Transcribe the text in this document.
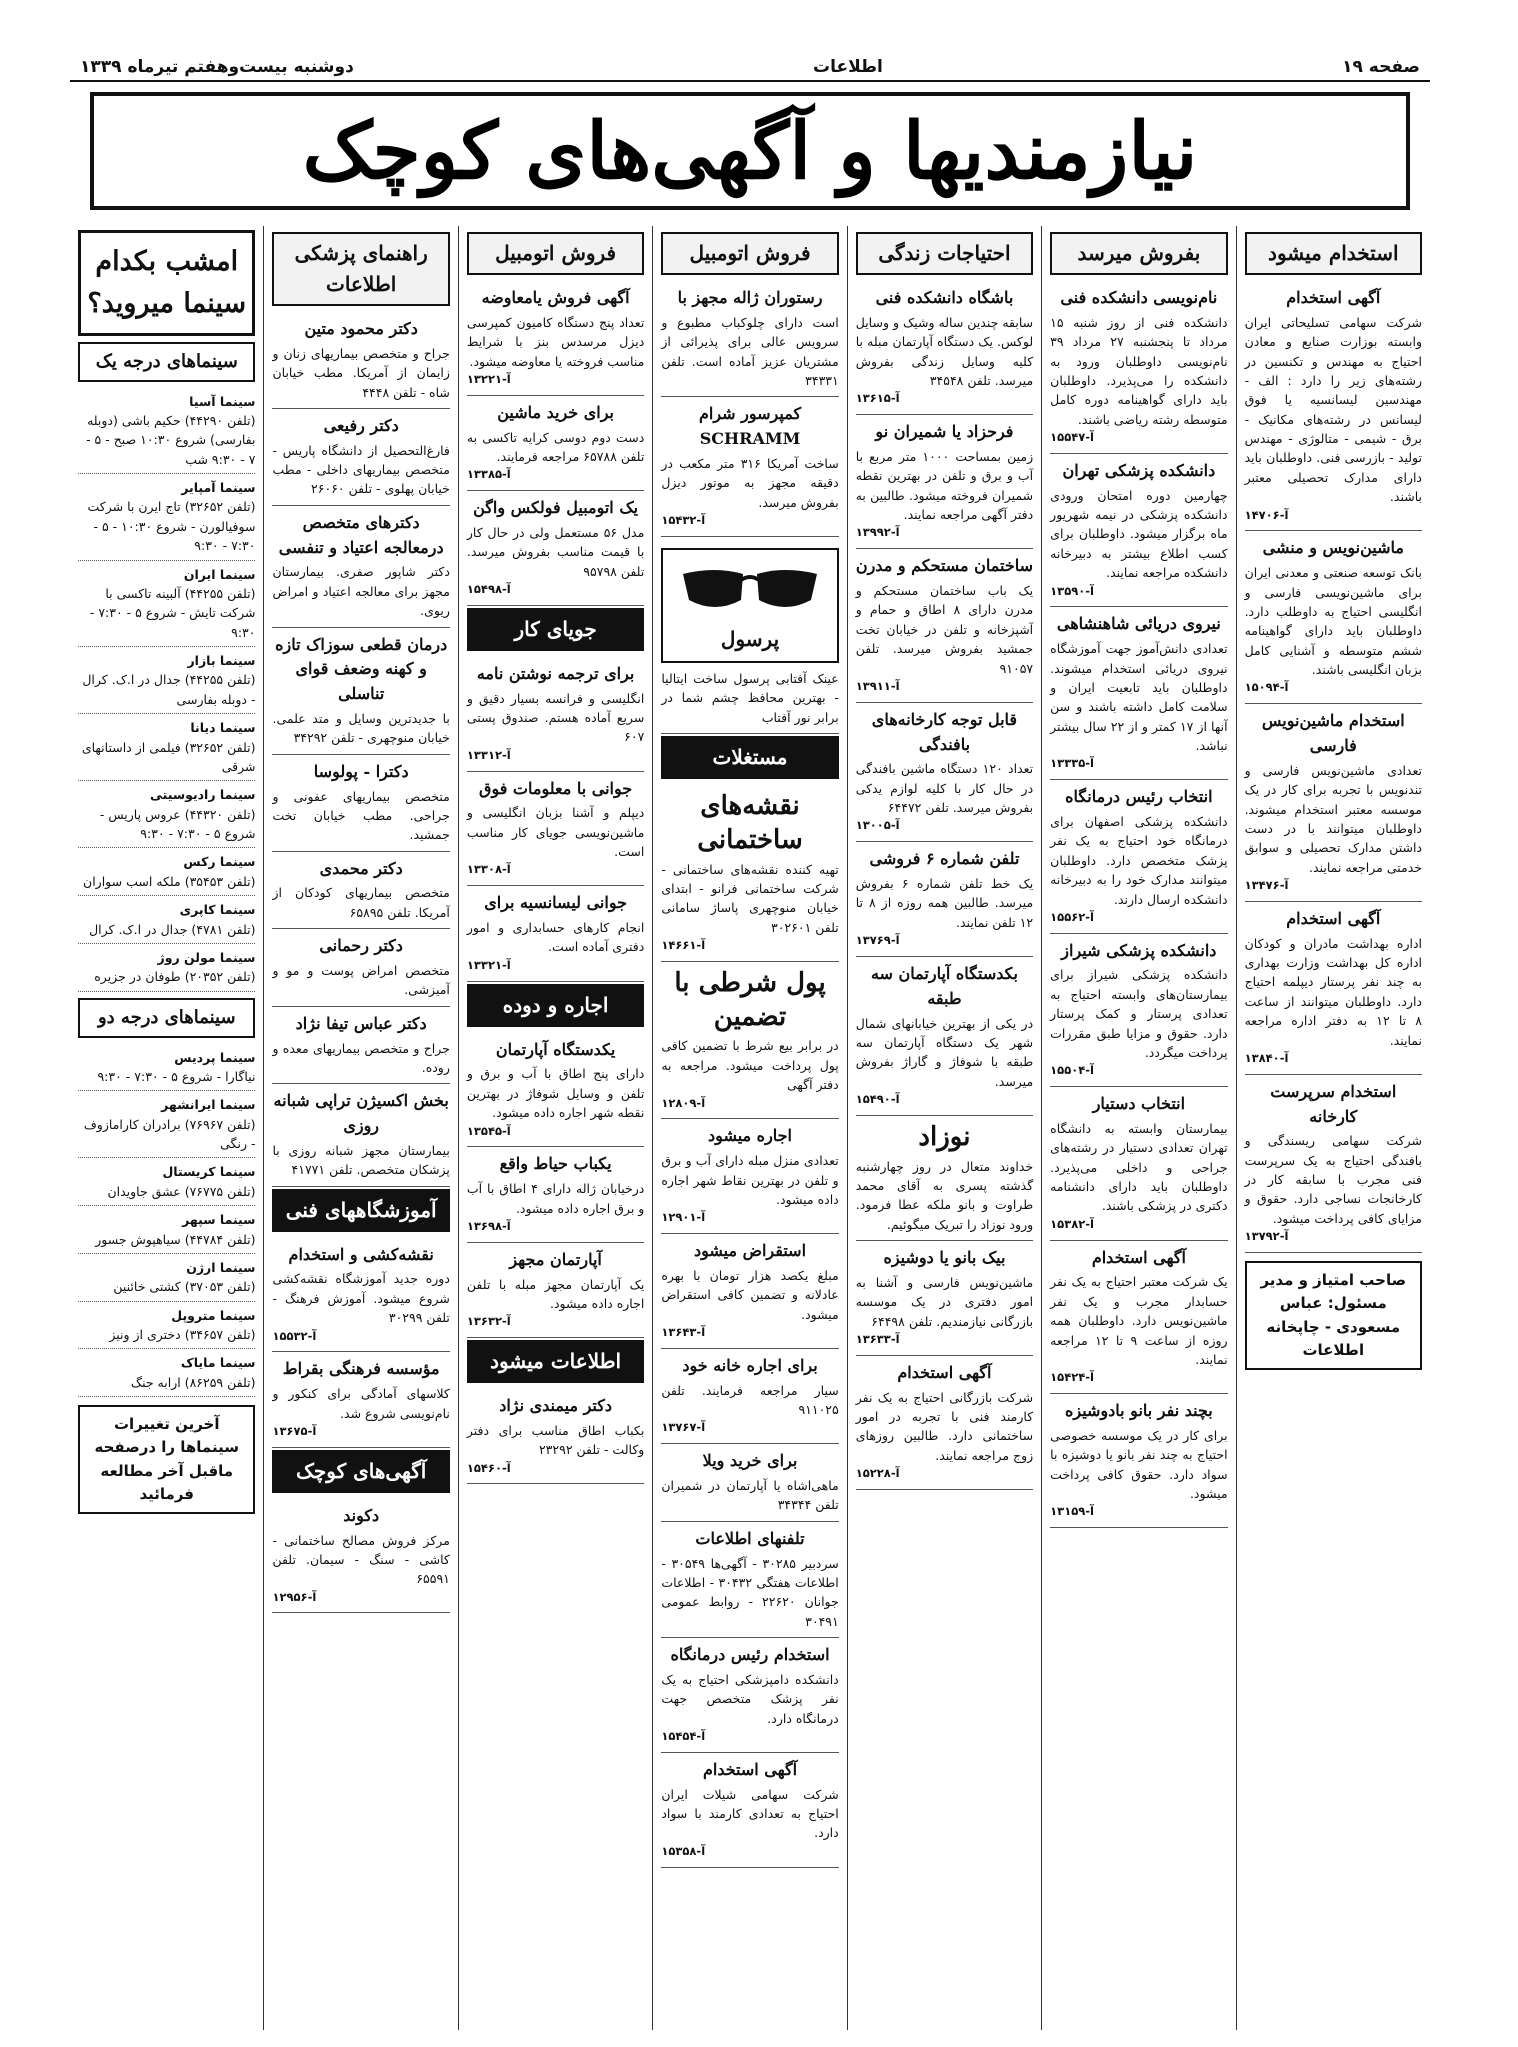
صفحه ۱۹
اطلاعات
دوشنبه بیست‌وهفتم تیرماه ۱۳۳۹
نیازمندیها و آگهی‌های کوچک
استخدام میشود
آگهی استخدام
شرکت سهامی تسلیحاتی ایران وابسته بوزارت صنایع و معادن احتیاج به مهندس و تکنسین در رشته‌های زیر را دارد : الف - مهندسین لیسانسیه یا فوق لیسانس در رشته‌های مکانیک - برق - شیمی - متالوژی - مهندس تولید - بازرسی فنی. داوطلبان باید دارای مدارک تحصیلی معتبر باشند.
آ-۱۴۷۰۶
ماشین‌نویس و منشی
بانک توسعه صنعتی و معدنی ایران برای ماشین‌نویسی فارسی و انگلیسی احتیاج به داوطلب دارد. داوطلبان باید دارای گواهینامه ششم متوسطه و آشنایی کامل بزبان انگلیسی باشند.
آ-۱۵۰۹۴
استخدام ماشین‌نویس فارسی
تعدادی ماشین‌نویس فارسی و تندنویس با تجربه برای کار در یک موسسه معتبر استخدام میشوند. داوطلبان میتوانند با در دست داشتن مدارک تحصیلی و سوابق خدمتی مراجعه نمایند.
آ-۱۳۴۷۶
آگهی استخدام
اداره بهداشت مادران و کودکان اداره کل بهداشت وزارت بهداری به چند نفر پرستار دیپلمه احتیاج دارد. داوطلبان میتوانند از ساعت ۸ تا ۱۲ به دفتر اداره مراجعه نمایند.
آ-۱۳۸۴۰
استخدام سرپرست کارخانه
شرکت سهامی ریسندگی و بافندگی احتیاج به یک سرپرست فنی مجرب با سابقه کار در کارخانجات نساجی دارد. حقوق و مزایای کافی پرداخت میشود.
آ-۱۳۷۹۲
صاحب امتیاز و مدیر مسئول: عباس مسعودی - چاپخانه اطلاعات
بفروش میرسد
نام‌نویسی دانشکده فنی
دانشکده فنی از روز شنبه ۱۵ مرداد تا پنجشنبه ۲۷ مرداد ۳۹ نام‌نویسی داوطلبان ورود به دانشکده را می‌پذیرد. داوطلبان باید دارای گواهینامه دوره کامل متوسطه رشته ریاضی باشند.
آ-۱۵۵۴۷
دانشکده پزشکی تهران
چهارمین دوره امتحان ورودی دانشکده پزشکی در نیمه شهریور ماه برگزار میشود. داوطلبان برای کسب اطلاع بیشتر به دبیرخانه دانشکده مراجعه نمایند.
آ-۱۳۵۹۰
نیروی دریائی شاهنشاهی
تعدادی دانش‌آموز جهت آموزشگاه نیروی دریائی استخدام میشوند. داوطلبان باید تابعیت ایران و سلامت کامل داشته باشند و سن آنها از ۱۷ کمتر و از ۲۲ سال بیشتر نباشد.
آ-۱۳۳۳۵
انتخاب رئیس درمانگاه
دانشکده پزشکی اصفهان برای درمانگاه خود احتیاج به یک نفر پزشک متخصص دارد. داوطلبان میتوانند مدارک خود را به دبیرخانه دانشکده ارسال دارند.
آ-۱۵۵۶۲
دانشکده پزشکی شیراز
دانشکده پزشکی شیراز برای بیمارستان‌های وابسته احتیاج به تعدادی پرستار و کمک پرستار دارد. حقوق و مزایا طبق مقررات پرداخت میگردد.
آ-۱۵۵۰۴
انتخاب دستیار
بیمارستان وابسته به دانشگاه تهران تعدادی دستیار در رشته‌های جراحی و داخلی می‌پذیرد. داوطلبان باید دارای دانشنامه دکتری در پزشکی باشند.
آ-۱۵۳۸۲
آگهی استخدام
یک شرکت معتبر احتیاج به یک نفر حسابدار مجرب و یک نفر ماشین‌نویس دارد. داوطلبان همه روزه از ساعت ۹ تا ۱۲ مراجعه نمایند.
آ-۱۵۴۲۴
بچند نفر بانو بادوشیزه
برای کار در یک موسسه خصوصی احتیاج به چند نفر بانو یا دوشیزه با سواد دارد. حقوق کافی پرداخت میشود.
آ-۱۳۱۵۹
احتیاجات زندگی
باشگاه دانشکده فنی
سابقه چندین ساله وشیک و وسایل لوکس. یک دستگاه آپارتمان مبله با کلیه وسایل زندگی بفروش میرسد. تلفن ۳۴۵۴۸
آ-۱۳۶۱۵
فرحزاد یا شمیران نو
زمین بمساحت ۱۰۰۰ متر مربع با آب و برق و تلفن در بهترین نقطه شمیران فروخته میشود. طالبین به دفتر آگهی مراجعه نمایند.
آ-۱۳۹۹۲
ساختمان مستحکم و مدرن
یک باب ساختمان مستحکم و مدرن دارای ۸ اطاق و حمام و آشپزخانه و تلفن در خیابان تخت جمشید بفروش میرسد. تلفن ۹۱۰۵۷
آ-۱۳۹۱۱
قابل توجه کارخانه‌های بافندگی
تعداد ۱۲۰ دستگاه ماشین بافندگی در حال کار با کلیه لوازم یدکی بفروش میرسد. تلفن ۶۴۴۷۲
آ-۱۳۰۰۵
تلفن شماره ۶ فروشی
یک خط تلفن شماره ۶ بفروش میرسد. طالبین همه روزه از ۸ تا ۱۲ تلفن نمایند.
آ-۱۳۷۶۹
بکدستگاه آپارتمان سه طبقه
در یکی از بهترین خیابانهای شمال شهر یک دستگاه آپارتمان سه طبقه با شوفاژ و گاراژ بفروش میرسد.
آ-۱۵۴۹۰
نوزاد
خداوند متعال در روز چهارشنبه گذشته پسری به آقای محمد طراوت و بانو ملکه عطا فرمود. ورود نوزاد را تبریک میگوئیم.
بیک بانو یا دوشیزه
ماشین‌نویس فارسی و آشنا به امور دفتری در یک موسسه بازرگانی نیازمندیم. تلفن ۶۴۴۹۸
آ-۱۳۶۳۳
آگهی استخدام
شرکت بازرگانی احتیاج به یک نفر کارمند فنی با تجربه در امور ساختمانی دارد. طالبین روزهای زوج مراجعه نمایند.
آ-۱۵۲۲۸
فروش اتومبیل
رستوران ژاله مجهز با
است دارای چلوکباب مطبوع و سرویس عالی برای پذیرائی از مشتریان عزیز آماده است. تلفن ۳۴۳۳۱
کمپرسور شرام SCHRAMM
ساخت آمریکا ۳۱۶ متر مکعب در دقیقه مجهز به موتور دیزل بفروش میرسد.
آ-۱۵۴۳۲
پرسول
عینک آفتابی پرسول ساخت ایتالیا - بهترین محافظ چشم شما در برابر نور آفتاب
مستغلات
نقشه‌های ساختمانی
تهیه کننده نقشه‌های ساختمانی - شرکت ساختمانی فرانو - ابتدای خیابان منوچهری پاساژ سامانی تلفن ۳۰۲۶۰۱
آ-۱۴۶۶۱
پول شرطی با تضمین
در برابر بیع شرط با تضمین کافی پول پرداخت میشود. مراجعه به دفتر آگهی
آ-۱۲۸۰۹
اجاره میشود
تعدادی منزل مبله دارای آب و برق و تلفن در بهترین نقاط شهر اجاره داده میشود.
آ-۱۲۹۰۱
استقراض میشود
مبلغ یکصد هزار تومان با بهره عادلانه و تضمین کافی استقراض میشود.
آ-۱۳۶۴۳
برای اجاره خانه خود
سیار مراجعه فرمایند. تلفن ۹۱۱۰۲۵
آ-۱۳۷۶۷
برای خرید ویلا
ماهی‌اشاه یا آپارتمان در شمیران تلفن ۳۴۳۴۴
تلفنهای اطلاعات
سردبیر ۳۰۲۸۵ - آگهی‌ها ۳۰۵۴۹ - اطلاعات هفتگی ۳۰۴۳۲ - اطلاعات جوانان ۲۲۶۲۰ - روابط عمومی ۳۰۴۹۱
استخدام رئیس درمانگاه
دانشکده دامپزشکی احتیاج به یک نفر پزشک متخصص جهت درمانگاه دارد.
آ-۱۵۴۵۴
آگهی استخدام
شرکت سهامی شیلات ایران احتیاج به تعدادی کارمند با سواد دارد.
آ-۱۵۳۵۸
فروش اتومبیل
آگهی فروش یامعاوضه
تعداد پنج دستگاه کامیون کمپرسی دیزل مرسدس بنز با شرایط مناسب فروخته یا معاوضه میشود.
آ-۱۳۲۲۱
برای خرید ماشین
دست دوم دوسی کرایه تاکسی به تلفن ۶۵۷۸۸ مراجعه فرمایند.
آ-۱۳۳۸۵
یک اتومبیل فولکس واگن
مدل ۵۶ مستعمل ولی در حال کار با قیمت مناسب بفروش میرسد. تلفن ۹۵۷۹۸
آ-۱۵۴۹۸
جویای کار
برای ترجمه نوشتن نامه
انگلیسی و فرانسه بسیار دقیق و سریع آماده هستم. صندوق پستی ۶۰۷
آ-۱۳۳۱۲
جوانی با معلومات فوق
دیپلم و آشنا بزبان انگلیسی و ماشین‌نویسی جویای کار مناسب است.
آ-۱۳۳۰۸
جوانی لیسانسیه برای
انجام کارهای حسابداری و امور دفتری آماده است.
آ-۱۳۳۲۱
اجاره و دوده
یکدستگاه آپارتمان
دارای پنج اطاق با آب و برق و تلفن و وسایل شوفاژ در بهترین نقطه شهر اجاره داده میشود.
آ-۱۳۵۴۵
یکباب حیاط واقع
درخیابان ژاله دارای ۴ اطاق با آب و برق اجاره داده میشود.
آ-۱۳۶۹۸
آپارتمان مجهز
یک آپارتمان مجهز مبله با تلفن اجاره داده میشود.
آ-۱۳۶۳۲
اطلاعات میشود
دکتر میمندی نژاد
بکباب اطاق مناسب برای دفتر وکالت - تلفن ۲۳۲۹۲
آ-۱۵۴۶۰
راهنمای پزشکی اطلاعات
دکتر محمود متین
جراح و متخصص بیماریهای زنان و زایمان از آمریکا. مطب خیابان شاه - تلفن ۴۴۴۸
دکتر رفیعی
فارغ‌التحصیل از دانشگاه پاریس - متخصص بیماریهای داخلی - مطب خیابان پهلوی - تلفن ۲۶۰۶۰
دکترهای متخصص درمعالجه اعتیاد و تنفسی
دکتر شاپور صفری. بیمارستان مجهز برای معالجه اعتیاد و امراض ریوی.
درمان قطعی سوزاک تازه و کهنه وضعف قوای تناسلی
با جدیدترین وسایل و متد علمی. خیابان منوچهری - تلفن ۳۴۲۹۲
دکترا - پولوسا
متخصص بیماریهای عفونی و جراحی. مطب خیابان تخت جمشید.
دکتر محمدی
متخصص بیماریهای کودکان از آمریکا. تلفن ۶۵۸۹۵
دکتر رحمانی
متخصص امراض پوست و مو و آمیزشی.
دکتر عباس تیفا نژاد
جراح و متخصص بیماریهای معده و روده.
بخش اکسیژن تراپی شبانه روزی
بیمارستان مجهز شبانه روزی با پزشکان متخصص. تلفن ۴۱۷۷۱
آموزشگاههای فنی
نقشه‌کشی و استخدام
دوره جدید آموزشگاه نقشه‌کشی شروع میشود. آموزش فرهنگ - تلفن ۳۰۲۹۹
آ-۱۵۵۳۲
مؤسسه فرهنگی بقراط
کلاسهای آمادگی برای کنکور و نام‌نویسی شروع شد.
آ-۱۳۶۷۵
آگهی‌های کوچک
دکوند
مرکز فروش مصالح ساختمانی - کاشی - سنگ - سیمان. تلفن ۶۵۵۹۱
آ-۱۲۹۵۶
امشب بکدام سینما میروید؟
سینماهای درجه یک
سینما آسیا
(تلفن ۴۴۲۹۰) حکیم باشی (دوبله بفارسی) شروع ۱۰:۳۰ صبح - ۵ - ۷ - ۹:۳۰ شب
سینما آمپایر
(تلفن ۳۲۶۵۲) تاج ایرن با شرکت سوفیالورن - شروع ۱۰:۳۰ - ۵ - ۷:۳۰ - ۹:۳۰
سینما ایران
(تلفن ۴۴۲۵۵) آلبینه تاکسی با شرکت تایش - شروع ۵ - ۷:۳۰ - ۹:۳۰
سینما بازار
(تلفن ۴۴۲۵۵) جدال در ا.ک. کرال - دوبله بفارسی
سینما دیانا
(تلفن ۳۲۶۵۲) فیلمی از داستانهای شرقی
سینما رادیوسیتی
(تلفن ۴۴۳۲۰) عروس پاریس - شروع ۵ - ۷:۳۰ - ۹:۳۰
سینما رکس
(تلفن ۳۵۴۵۳) ملکه اسب سواران
سینما کاپری
(تلفن ۴۷۸۱) جدال در ا.ک. کرال
سینما مولن روژ
(تلفن ۲۰۳۵۲) طوفان در جزیره
سینماهای درجه دو
سینما پردیس
نیاگارا - شروع ۵ - ۷:۳۰ - ۹:۳۰
سینما ایرانشهر
(تلفن ۷۶۹۶۷) برادران کارامازوف - رنگی
سینما کریستال
(تلفن ۷۶۷۷۵) عشق جاویدان
سینما سپهر
(تلفن ۴۴۷۸۴) سیاهپوش جسور
سینما ارژن
(تلفن ۳۷۰۵۳) کشتی خائنین
سینما متروپل
(تلفن ۳۴۶۵۷) دختری از ونیز
سینما مایاک
(تلفن ۸۶۲۵۹) ارابه جنگ
آخرین تغییرات سینماها را درصفحه ماقبل آخر مطالعه فرمائید
